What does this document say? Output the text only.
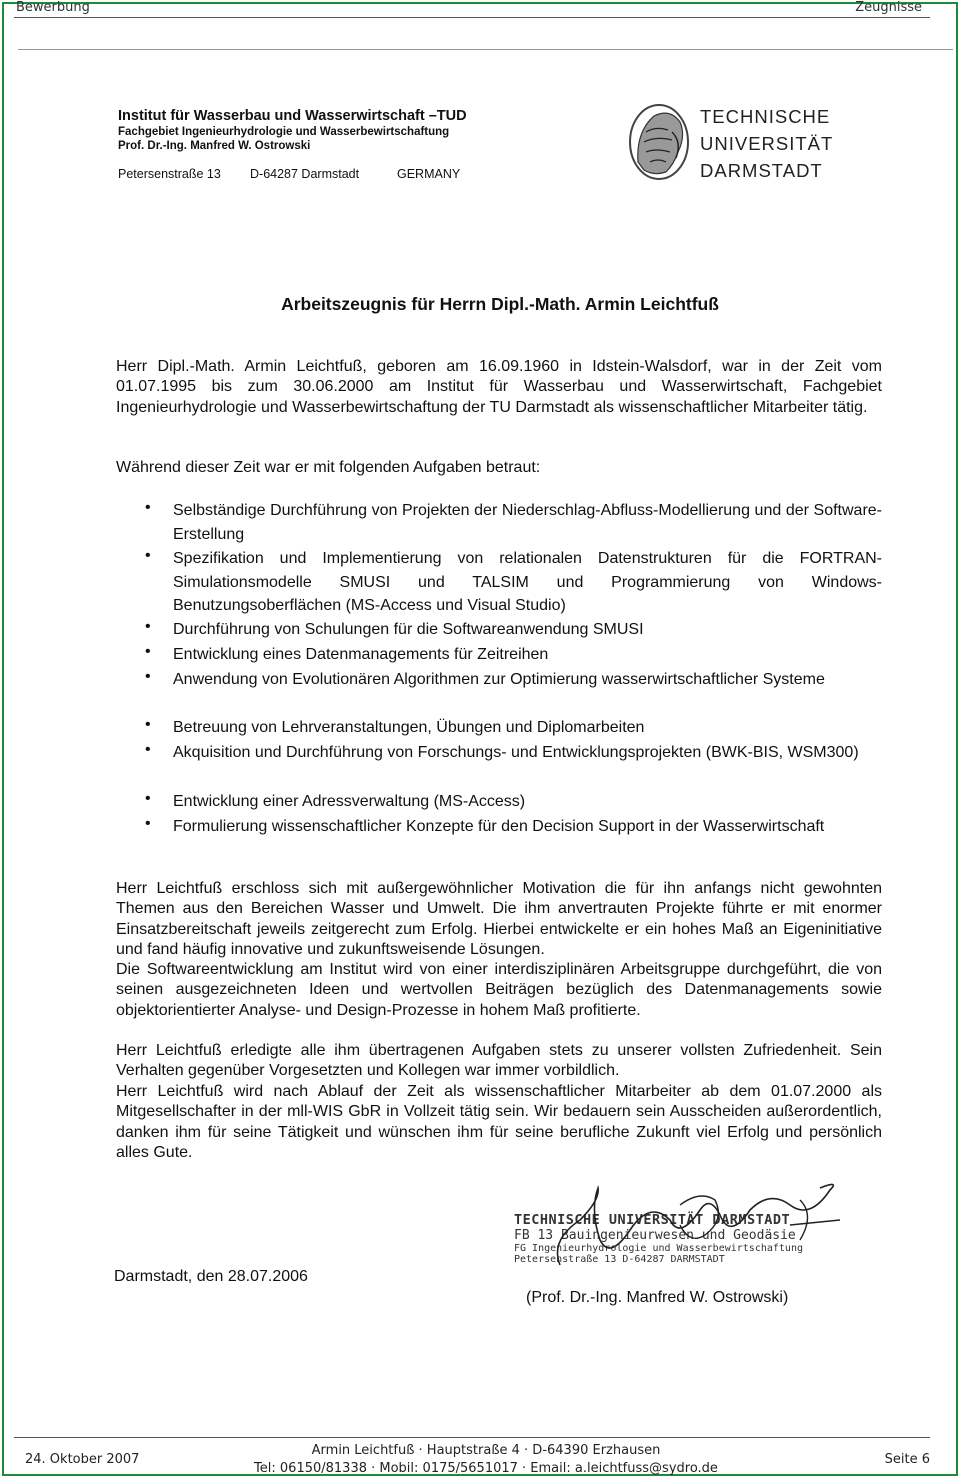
Bewerbung	Zeugnisse
Institut für Wasserbau und Wasserwirtschaft –TUD
Fachgebiet Ingenieurhydrologie und Wasserbewirtschaftung
Prof. Dr.-Ing. Manfred W. Ostrowski
Petersenstraße 13 D-64287 Darmstadt	GERMANY
TECHNISCHE
UNIVERSITÄT
DARMSTADT
Arbeitszeugnis für Herrn Dipl.-Math. Armin Leichtfuß
Herr Dipl.-Math. Armin Leichtfuß, geboren am 16.09.1960 in Idstein-Walsdorf, war in der Zeit vom 01.07.1995 bis zum 30.06.2000 am Institut für Wasserbau und Wasserwirtschaft, Fachgebiet Ingenieurhydrologie und Wasserbewirtschaftung der TU Darmstadt als wissenschaftlicher Mitarbeiter tätig.
Während dieser Zeit war er mit folgenden Aufgaben betraut:
• Selbständige Durchführung von Projekten der Niederschlag-Abfluss-Modellierung und der Software-Erstellung
• Spezifikation und Implementierung von relationalen Datenstrukturen für die FORTRAN-Simulationsmodelle SMUSI und TALSIM und Programmierung von Windows-Benutzungsoberflächen (MS-Access und Visual Studio)
• Durchführung von Schulungen für die Softwareanwendung SMUSI
• Entwicklung eines Datenmanagements für Zeitreihen
• Anwendung von Evolutionären Algorithmen zur Optimierung wasserwirtschaftlicher Systeme
• Betreuung von Lehrveranstaltungen, Übungen und Diplomarbeiten
• Akquisition und Durchführung von Forschungs- und Entwicklungsprojekten (BWK-BIS, WSM300)
• Entwicklung einer Adressverwaltung (MS-Access)
• Formulierung wissenschaftlicher Konzepte für den Decision Support in der Wasserwirtschaft
Herr Leichtfuß erschloss sich mit außergewöhnlicher Motivation die für ihn anfangs nicht gewohnten Themen aus den Bereichen Wasser und Umwelt. Die ihm anvertrauten Projekte führte er mit enormer Einsatzbereitschaft jeweils zeitgerecht zum Erfolg. Hierbei entwickelte er ein hohes Maß an Eigeninitiative und fand häufig innovative und zukunftsweisende Lösungen.
Die Softwareentwicklung am Institut wird von einer interdisziplinären Arbeitsgruppe durchgeführt, die von seinen ausgezeichneten Ideen und wertvollen Beiträgen bezüglich des Datenmanagements sowie objektorientierter Analyse- und Design-Prozesse in hohem Maß profitierte.
Herr Leichtfuß erledigte alle ihm übertragenen Aufgaben stets zu unserer vollsten Zufriedenheit. Sein Verhalten gegenüber Vorgesetzten und Kollegen war immer vorbildlich.
Herr Leichtfuß wird nach Ablauf der Zeit als wissenschaftlicher Mitarbeiter ab dem 01.07.2000 als Mitgesellschafter in der mll-WIS GbR in Vollzeit tätig sein. Wir bedauern sein Ausscheiden außerordentlich, danken ihm für seine Tätigkeit und wünschen ihm für seine berufliche Zukunft viel Erfolg und persönlich alles Gute.
Darmstadt, den 28.07.2006
TECHNISCHE UNIVERSITÄT DARMSTADT
FB 13 Bauingenieurwesen und Geodäsie
FG Ingenieurhydrologie und Wasserbewirtschaftung
Petersenstraße 13 D-64287 DARMSTADT
(Prof. Dr.-Ing. Manfred W. Ostrowski)
24. Oktober 2007
Armin Leichtfuß · Hauptstraße 4 · D-64390 Erzhausen
Tel: 06150/81338 · Mobil: 0175/5651017 · Email: a.leichtfuss@sydro.de
Seite 6
